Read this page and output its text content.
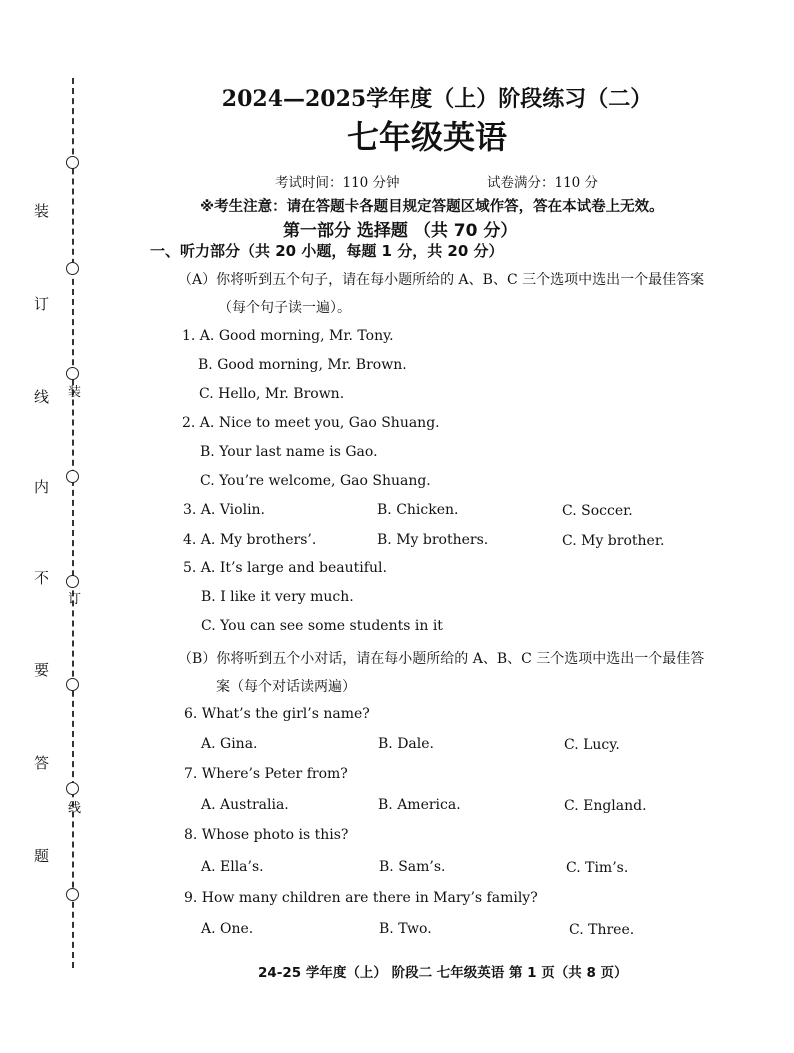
装
订
线
内
不
要
答
题
装
订
线
2024—2025学年度（上）阶段练习（二）
七年级英语
考试时间：110 分钟	试卷满分：110 分
※考生注意：请在答题卡各题目规定答题区域作答，答在本试卷上无效。
第一部分 选择题 （共 70 分）
一、听力部分（共 20 小题，每题 1 分，共 20 分）
（A）你将听到五个句子，请在每小题所给的 A、B、C 三个选项中选出一个最佳答案
（每个句子读一遍）。
1. A. Good morning, Mr. Tony.
B. Good morning, Mr. Brown.
C. Hello, Mr. Brown.
2. A. Nice to meet you, Gao Shuang.
B. Your last name is Gao.
C. You’re welcome, Gao Shuang.
3. A. Violin.	B. Chicken.	C. Soccer.
4. A. My brothers’.	B. My brothers.	C. My brother.
5. A. It’s large and beautiful.
B. I like it very much.
C. You can see some students in it
（B）你将听到五个小对话，请在每小题所给的 A、B、C 三个选项中选出一个最佳答
案（每个对话读两遍）
6. What’s the girl’s name?
A. Gina.	B. Dale.	C. Lucy.
7. Where’s Peter from?
A. Australia.	B. America.	C. England.
8. Whose photo is this?
A. Ella’s.	B. Sam’s.	C. Tim’s.
9. How many children are there in Mary’s family?
A. One.	B. Two.	C. Three.
24-25 学年度（上） 阶段二 七年级英语 第 1 页（共 8 页）
